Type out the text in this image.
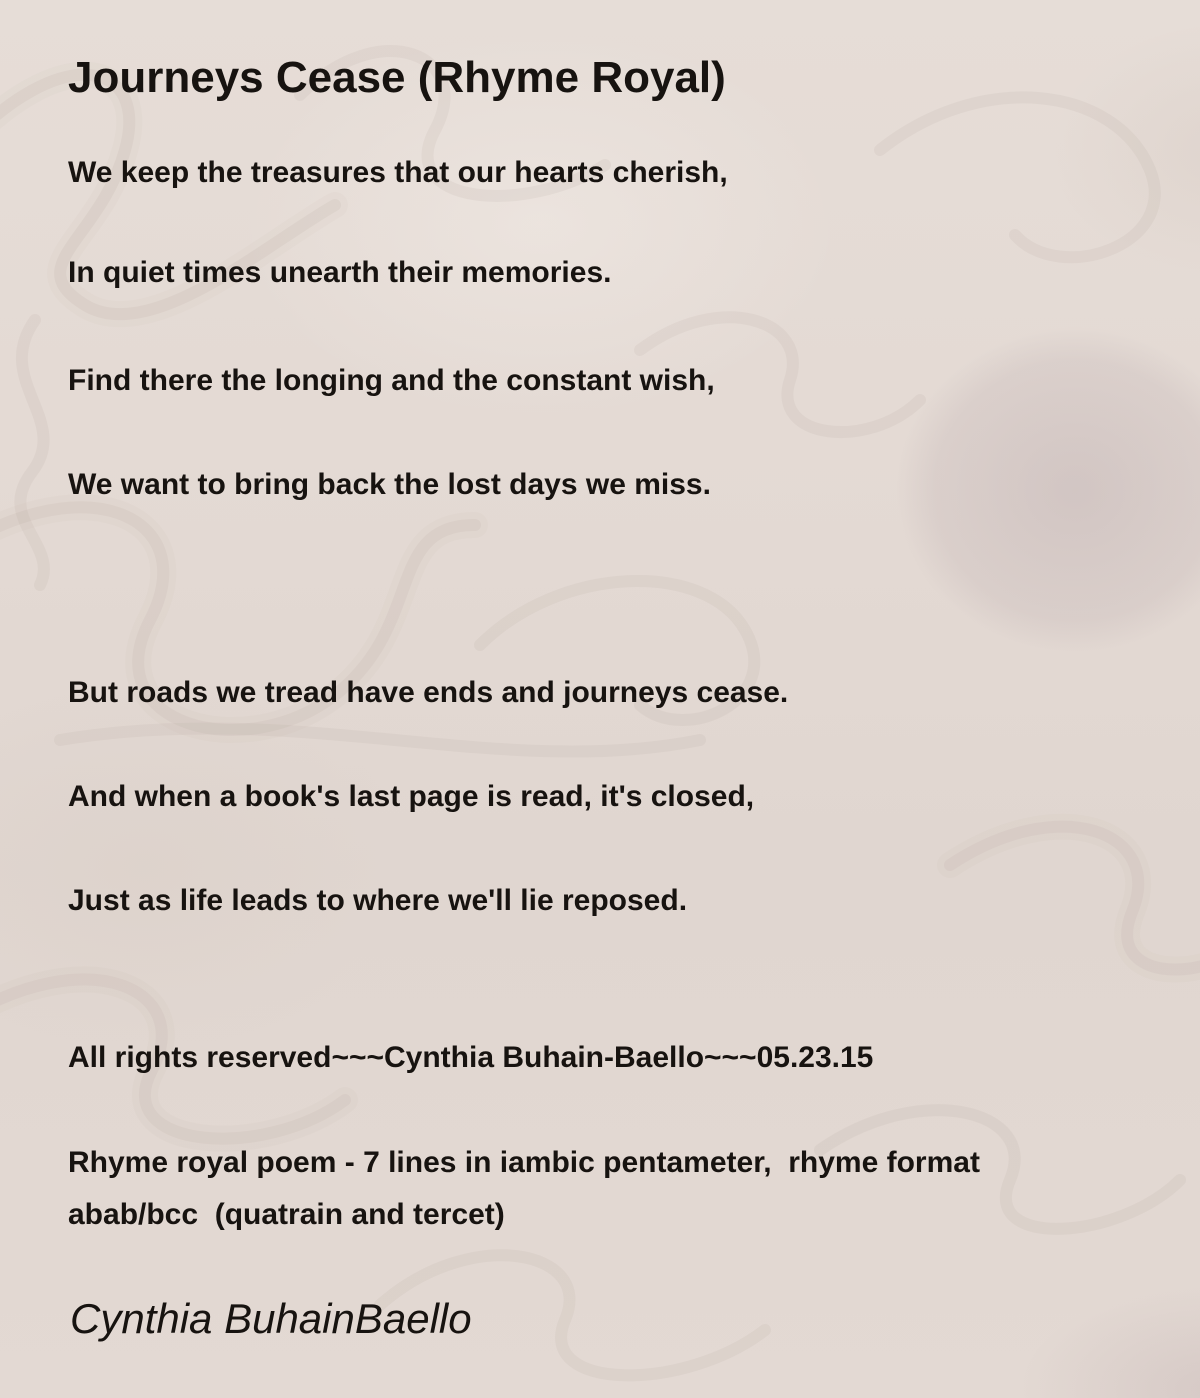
Journeys Cease (Rhyme Royal)
We keep the treasures that our hearts cherish,
In quiet times unearth their memories.
Find there the longing and the constant wish,
We want to bring back the lost days we miss.
But roads we tread have ends and journeys cease.
And when a book's last page is read, it's closed,
Just as life leads to where we'll lie reposed.
All rights reserved~~~Cynthia Buhain-Baello~~~05.23.15
Rhyme royal poem - 7 lines in iambic pentameter,  rhyme format
abab/bcc  (quatrain and tercet)
Cynthia BuhainBaello
